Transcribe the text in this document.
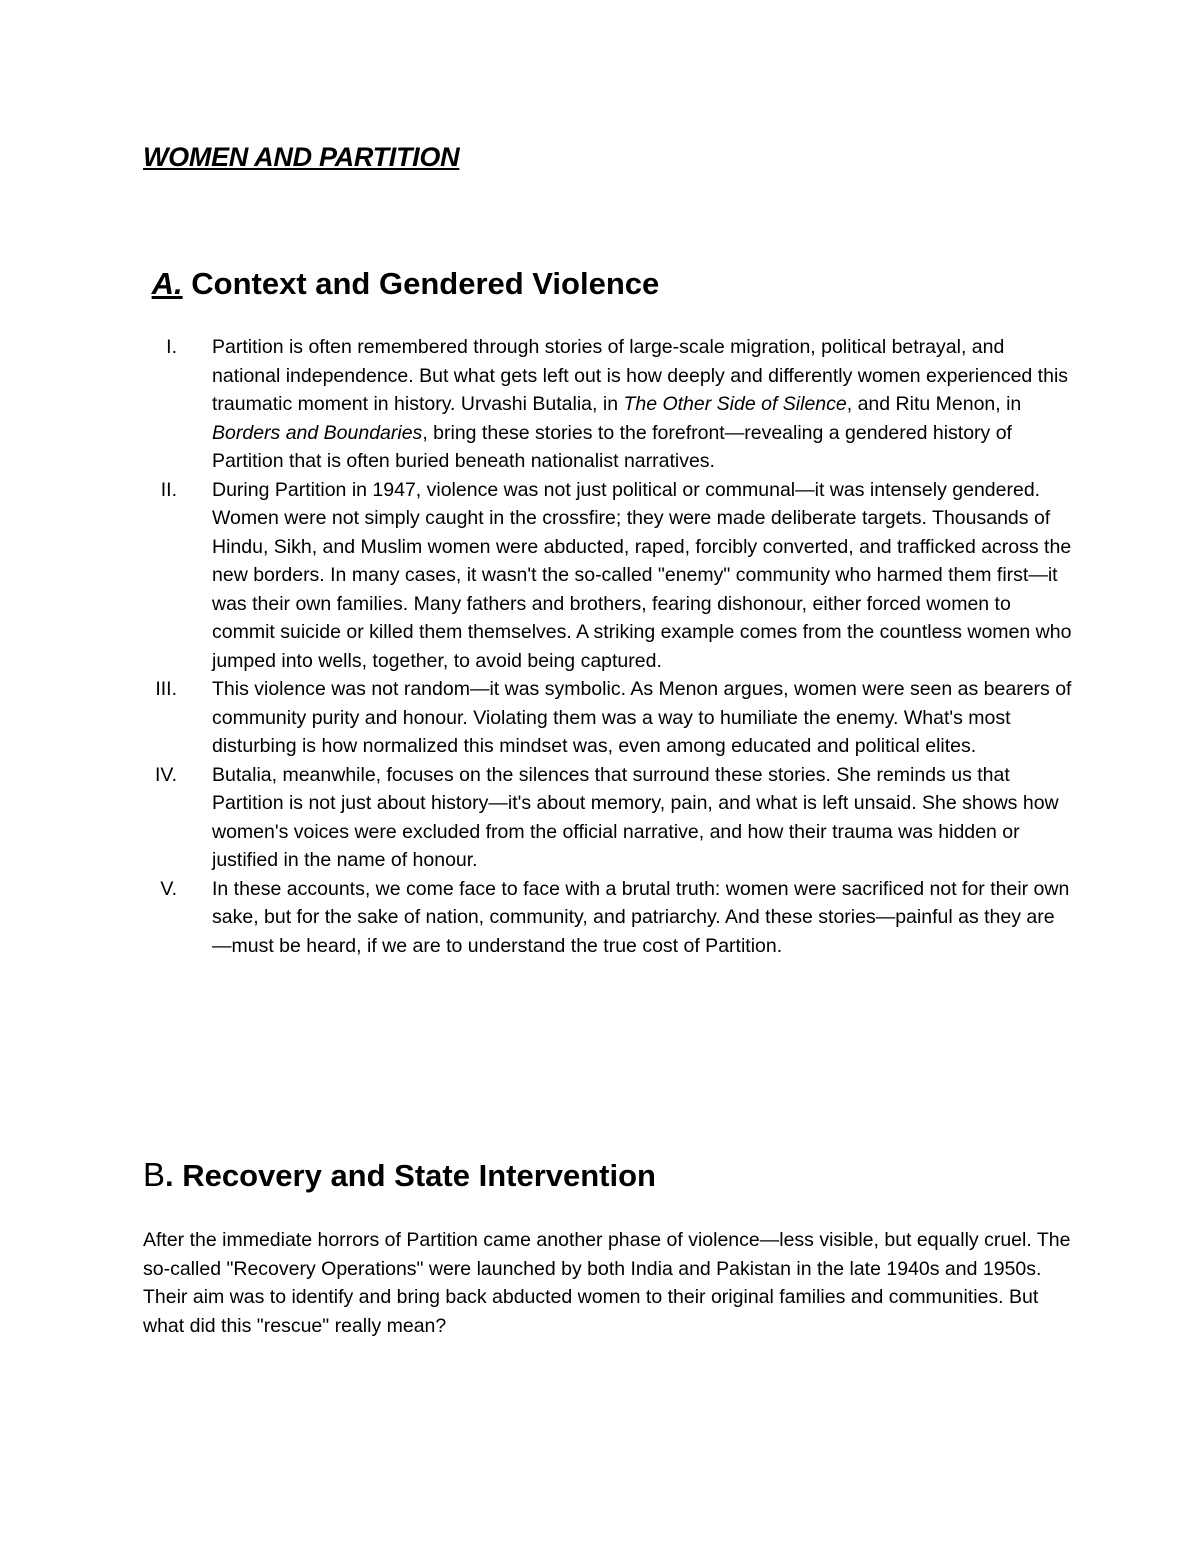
WOMEN AND PARTITION
A. Context and Gendered Violence
I. Partition is often remembered through stories of large-scale migration, political betrayal, and national independence. But what gets left out is how deeply and differently women experienced this traumatic moment in history. Urvashi Butalia, in The Other Side of Silence, and Ritu Menon, in Borders and Boundaries, bring these stories to the forefront—revealing a gendered history of Partition that is often buried beneath nationalist narratives.
II. During Partition in 1947, violence was not just political or communal—it was intensely gendered. Women were not simply caught in the crossfire; they were made deliberate targets. Thousands of Hindu, Sikh, and Muslim women were abducted, raped, forcibly converted, and trafficked across the new borders. In many cases, it wasn't the so-called "enemy" community who harmed them first—it was their own families. Many fathers and brothers, fearing dishonour, either forced women to commit suicide or killed them themselves. A striking example comes from the countless women who jumped into wells, together, to avoid being captured.
III. This violence was not random—it was symbolic. As Menon argues, women were seen as bearers of community purity and honour. Violating them was a way to humiliate the enemy. What's most disturbing is how normalized this mindset was, even among educated and political elites.
IV. Butalia, meanwhile, focuses on the silences that surround these stories. She reminds us that Partition is not just about history—it's about memory, pain, and what is left unsaid. She shows how women's voices were excluded from the official narrative, and how their trauma was hidden or justified in the name of honour.
V. In these accounts, we come face to face with a brutal truth: women were sacrificed not for their own sake, but for the sake of nation, community, and patriarchy. And these stories—painful as they are—must be heard, if we are to understand the true cost of Partition.
B. Recovery and State Intervention

After the immediate horrors of Partition came another phase of violence—less visible, but equally cruel. The so-called "Recovery Operations" were launched by both India and Pakistan in the late 1940s and 1950s. Their aim was to identify and bring back abducted women to their original families and communities. But what did this "rescue" really mean?
